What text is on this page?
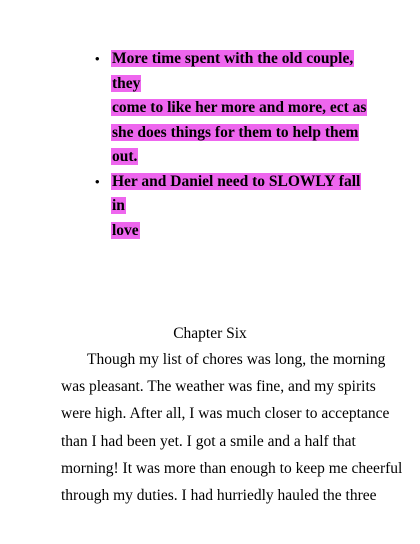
• More time spent with the old couple, they
come to like her more and more, ect as
she does things for them to help them out.
• Her and Daniel need to SLOWLY fall in
love
Chapter Six
Though my list of chores was long, the morning
was pleasant. The weather was fine, and my spirits
were high. After all, I was much closer to acceptance
than I had been yet. I got a smile and a half that
morning! It was more than enough to keep me cheerful
through my duties. I had hurriedly hauled the three
